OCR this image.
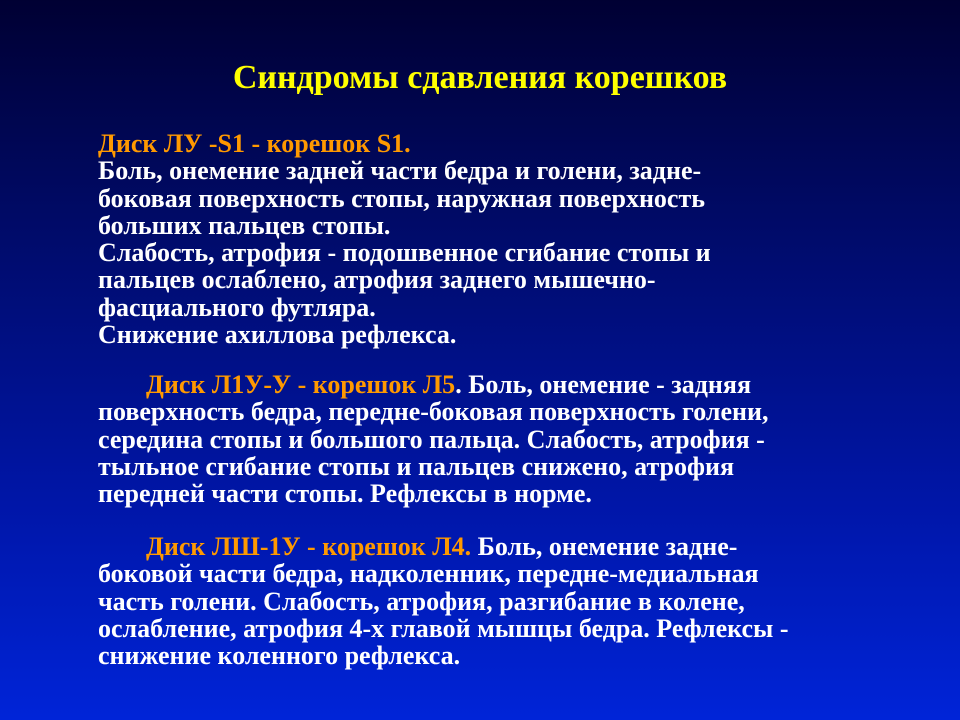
Синдромы сдавления корешков
Диск ЛУ -S1 - корешок S1.
Боль, онемение задней части бедра и голени, задне-
боковая поверхность стопы, наружная поверхность
больших пальцев стопы.
Слабость, атрофия - подошвенное сгибание стопы и
пальцев ослаблено, атрофия заднего мышечно-
фасциального футляра.
Снижение ахиллова рефлекса.
Диск Л1У-У - корешок Л5. Боль, онемение - задняя
поверхность бедра, передне-боковая поверхность голени,
середина стопы и большого пальца. Слабость, атрофия -
тыльное сгибание стопы и пальцев снижено, атрофия
передней части стопы. Рефлексы в норме.
Диск ЛШ-1У - корешок Л4. Боль, онемение задне-
боковой части бедра, надколенник, передне-медиальная
часть голени. Слабость, атрофия, разгибание в колене,
ослабление, атрофия 4-х главой мышцы бедра. Рефлексы -
снижение коленного рефлекса.
